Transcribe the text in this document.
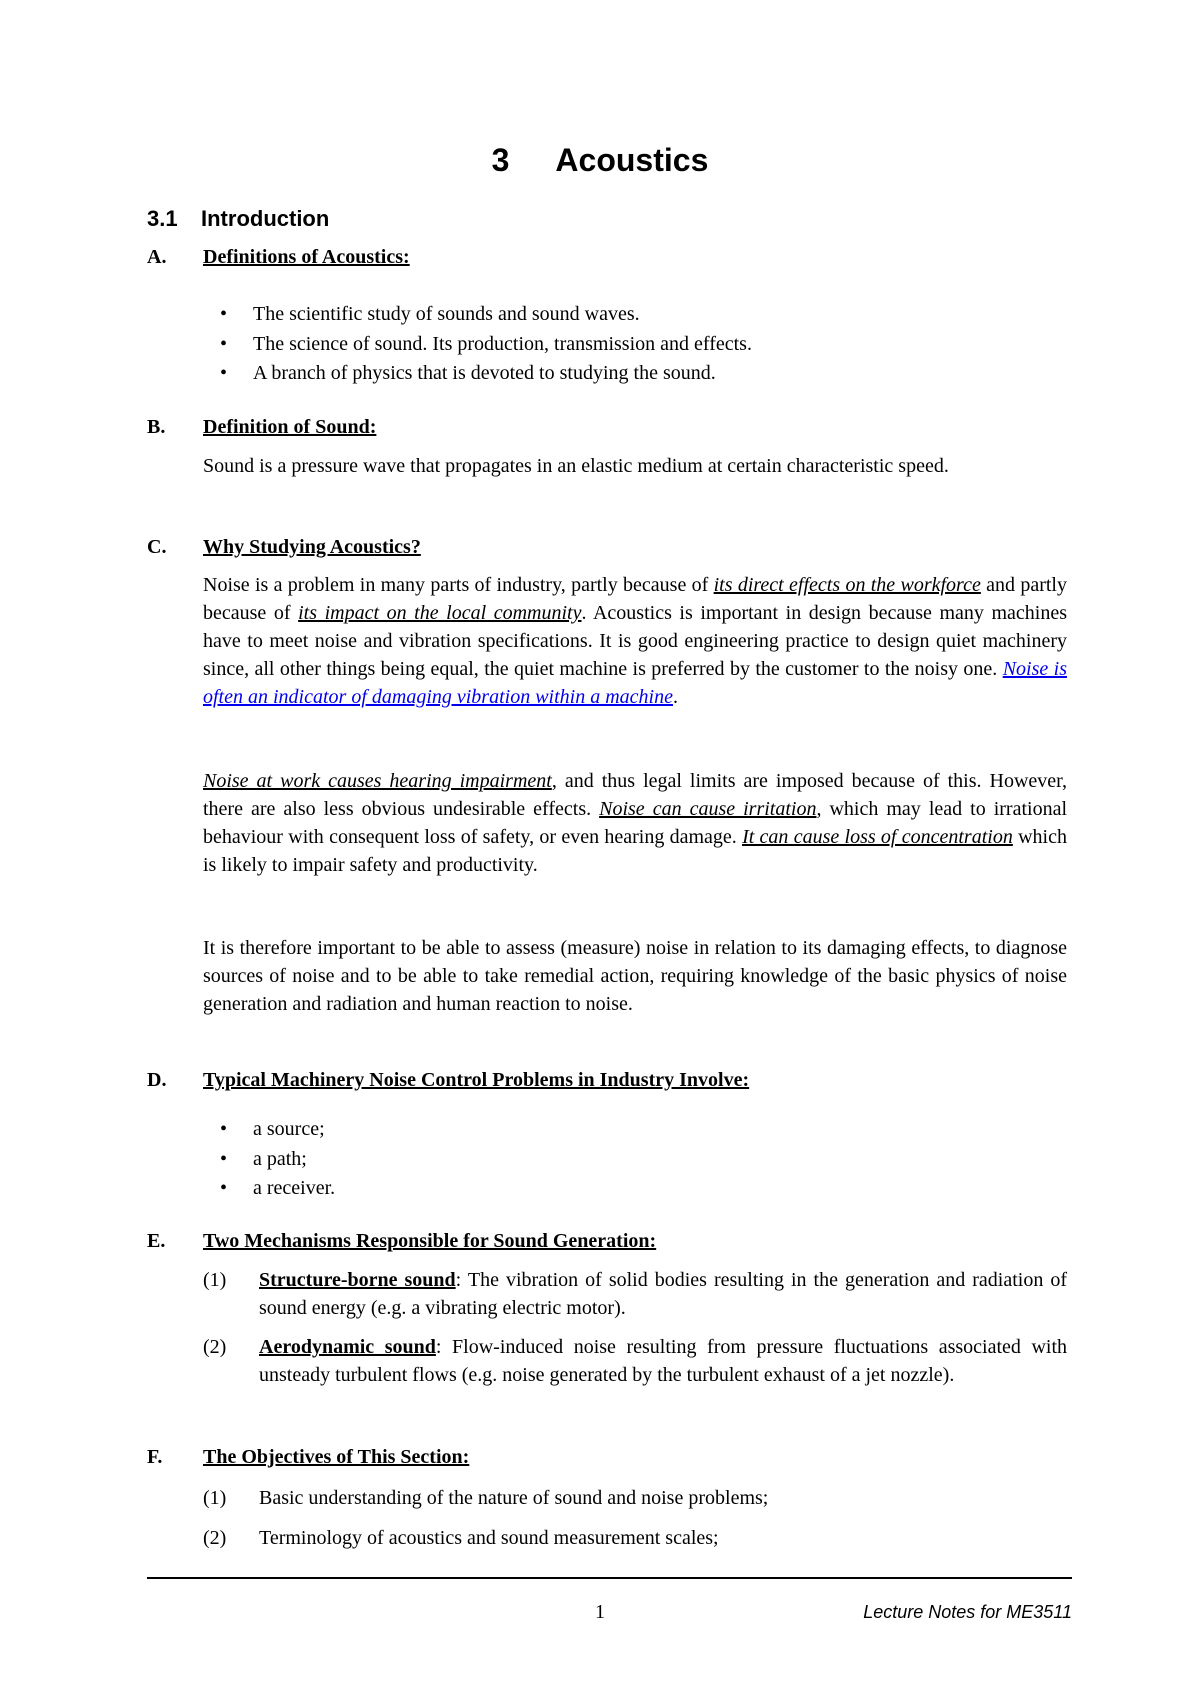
3 Acoustics
3.1 Introduction
A. Definitions of Acoustics:
• The scientific study of sounds and sound waves.
• The science of sound. Its production, transmission and effects.
• A branch of physics that is devoted to studying the sound.
B. Definition of Sound:
Sound is a pressure wave that propagates in an elastic medium at certain characteristic speed.
C. Why Studying Acoustics?
Noise is a problem in many parts of industry, partly because of its direct effects on the workforce and partly because of its impact on the local community. Acoustics is important in design because many machines have to meet noise and vibration specifications. It is good engineering practice to design quiet machinery since, all other things being equal, the quiet machine is preferred by the customer to the noisy one. Noise is often an indicator of damaging vibration within a machine.
Noise at work causes hearing impairment, and thus legal limits are imposed because of this. However, there are also less obvious undesirable effects. Noise can cause irritation, which may lead to irrational behaviour with consequent loss of safety, or even hearing damage. It can cause loss of concentration which is likely to impair safety and productivity.
It is therefore important to be able to assess (measure) noise in relation to its damaging effects, to diagnose sources of noise and to be able to take remedial action, requiring knowledge of the basic physics of noise generation and radiation and human reaction to noise.
D. Typical Machinery Noise Control Problems in Industry Involve:
• a source;
• a path;
• a receiver.
E. Two Mechanisms Responsible for Sound Generation:
(1) Structure-borne sound: The vibration of solid bodies resulting in the generation and radiation of sound energy (e.g. a vibrating electric motor).
(2) Aerodynamic sound: Flow-induced noise resulting from pressure fluctuations associated with unsteady turbulent flows (e.g. noise generated by the turbulent exhaust of a jet nozzle).
F. The Objectives of This Section:
(1) Basic understanding of the nature of sound and noise problems;
(2) Terminology of acoustics and sound measurement scales;
1	Lecture Notes for ME3511
